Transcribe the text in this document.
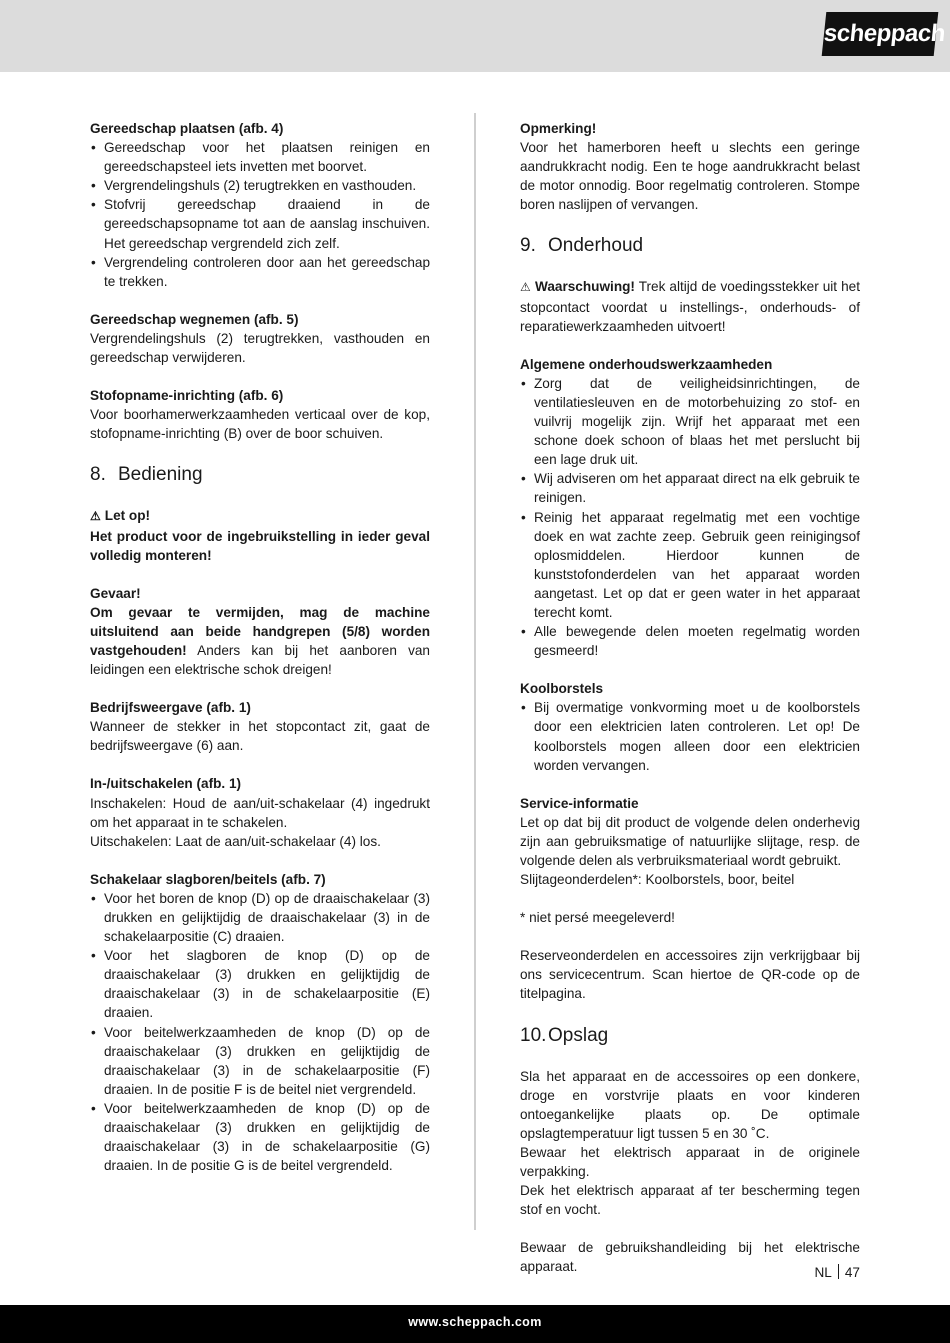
scheppach

Gereedschap plaatsen (afb. 4)

• Gereedschap voor het plaatsen reinigen en gereedschapsteel iets invetten met boorvet.
• Vergrendelingshuls (2) terugtrekken en vasthouden.
• Stofvrij gereedschap draaiend in de gereedschapsopname tot aan de aanslag inschuiven. Het gereedschap vergrendeld zich zelf.
• Vergrendeling controleren door aan het gereedschap te trekken.

Gereedschap wegnemen (afb. 5)

Vergrendelingshuls (2) terugtrekken, vasthouden en gereedschap verwijderen.

Stofopname-inrichting (afb. 6)

Voor boorhamerwerkzaamheden verticaal over de kop, stofopname-inrichting (B) over de boor schuiven.

8. Bediening

⚠ Let op!

Het product voor de ingebruikstelling in ieder geval volledig monteren!

Gevaar!

Om gevaar te vermijden, mag de machine uitsluitend aan beide handgrepen (5/8) worden vastgehouden! Anders kan bij het aanboren van leidingen een elektrische schok dreigen!

Bedrijfsweergave (afb. 1)

Wanneer de stekker in het stopcontact zit, gaat de bedrijfsweergave (6) aan.

In-/uitschakelen (afb. 1)

Inschakelen: Houd de aan/uit-schakelaar (4) ingedrukt om het apparaat in te schakelen.

Uitschakelen: Laat de aan/uit-schakelaar (4) los.

Schakelaar slagboren/beitels (afb. 7)

• Voor het boren de knop (D) op de draaischakelaar (3) drukken en gelijktijdig de draaischakelaar (3) in de schakelaarpositie (C) draaien.
• Voor het slagboren de knop (D) op de draaischakelaar (3) drukken en gelijktijdig de draaischakelaar (3) in de schakelaarpositie (E) draaien.
• Voor beitelwerkzaamheden de knop (D) op de draaischakelaar (3) drukken en gelijktijdig de draaischakelaar (3) in de schakelaarpositie (F) draaien. In de positie F is de beitel niet vergrendeld.
• Voor beitelwerkzaamheden de knop (D) op de draaischakelaar (3) drukken en gelijktijdig de draaischakelaar (3) in de schakelaarpositie (G) draaien. In de positie G is de beitel vergrendeld.

Opmerking!

Voor het hamerboren heeft u slechts een geringe aandrukkracht nodig. Een te hoge aandrukkracht belast de motor onnodig. Boor regelmatig controleren. Stompe boren naslijpen of vervangen.

9. Onderhoud

⚠ Waarschuwing! Trek altijd de voedingsstekker uit het stopcontact voordat u instellings-, onderhouds- of reparatiewerkzaamheden uitvoert!

Algemene onderhoudswerkzaamheden

• Zorg dat de veiligheidsinrichtingen, de ventilatiesleuven en de motorbehuizing zo stof- en vuilvrij mogelijk zijn. Wrijf het apparaat met een schone doek schoon of blaas het met perslucht bij een lage druk uit.
• Wij adviseren om het apparaat direct na elk gebruik te reinigen.
• Reinig het apparaat regelmatig met een vochtige doek en wat zachte zeep. Gebruik geen reinigingsof oplosmiddelen. Hierdoor kunnen de kunststofonderdelen van het apparaat worden aangetast. Let op dat er geen water in het apparaat terecht komt.
• Alle bewegende delen moeten regelmatig worden gesmeerd!

Koolborstels

• Bij overmatige vonkvorming moet u de koolborstels door een elektricien laten controleren. Let op! De koolborstels mogen alleen door een elektricien worden vervangen.

Service-informatie

Let op dat bij dit product de volgende delen onderhevig zijn aan gebruiksmatige of natuurlijke slijtage, resp. de volgende delen als verbruiksmateriaal wordt gebruikt.

Slijtageonderdelen*: Koolborstels, boor, beitel

* niet persé meegeleverd!

Reserveonderdelen en accessoires zijn verkrijgbaar bij ons servicecentrum. Scan hiertoe de QR-code op de titelpagina.

10.Opslag

Sla het apparaat en de accessoires op een donkere, droge en vorstvrije plaats en voor kinderen ontoegankelijke plaats op. De optimale opslagtemperatuur ligt tussen 5 en 30 ˚C.

Bewaar het elektrisch apparaat in de originele verpakking.

Dek het elektrisch apparaat af ter bescherming tegen stof en vocht.

Bewaar de gebruikshandleiding bij het elektrische apparaat.	NL 47
www.scheppach.com
